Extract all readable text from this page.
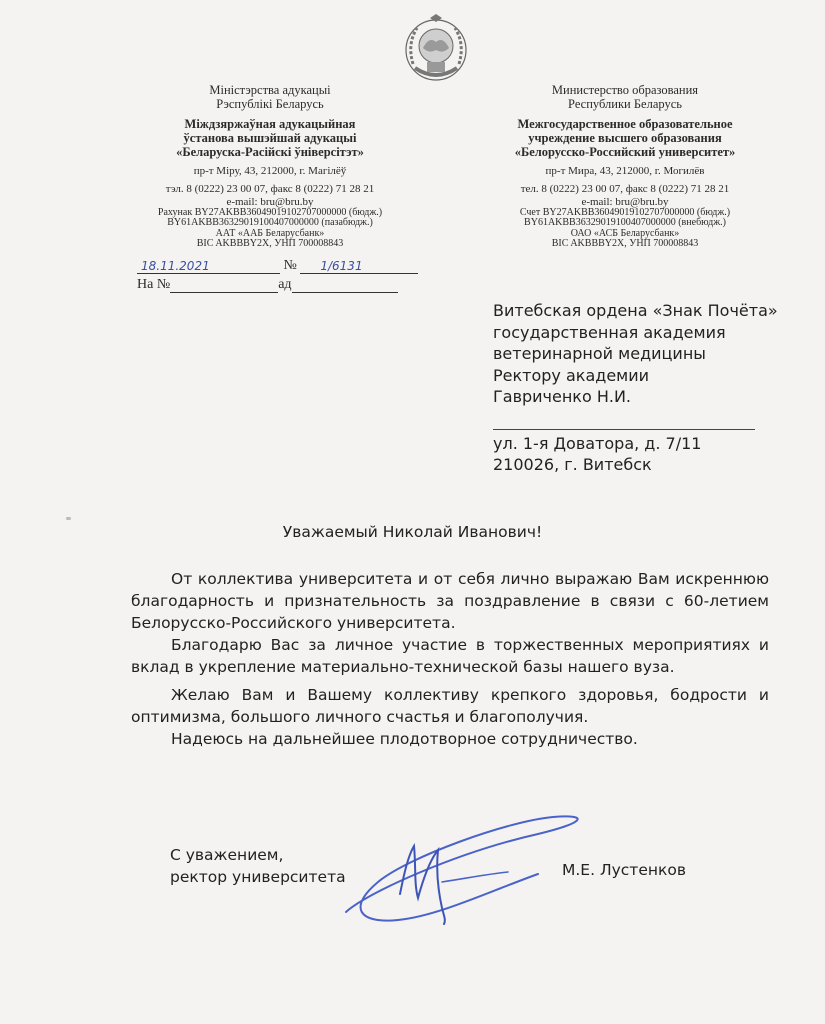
Міністэрства адукацыі
Рэспублікі Беларусь
Міждзяржаўная адукацыйная
ўстанова вышэйшай адукацыі
«Беларуска-Расійскі ўніверсітэт»
пр-т Міру, 43, 212000, г. Магілёў
тэл. 8 (0222) 23 00 07, факс 8 (0222) 71 28 21
e-mail: bru@bru.by
Рахунак BY27AKBB36049019102707000000 (бюдж.)
BY61AKBB36329019100407000000 (пазабюдж.)
ААТ «ААБ Беларусбанк»
BIC AKBBBY2X, УНП 700008843
Министерство образования
Республики Беларусь
Межгосударственное образовательное
учреждение высшего образования
«Белорусско-Российский университет»
пр-т Мира, 43, 212000, г. Могилёв
тел. 8 (0222) 23 00 07, факс 8 (0222) 71 28 21
e-mail: bru@bru.by
Счет BY27AKBB36049019102707000000 (бюдж.)
BY61AKBB36329019100407000000 (внебюдж.)
ОАО «АСБ Беларусбанк»
BIC AKBBBY2X, УНП 700008843
18.11.2021	№ 1/6131
На №	ад
Витебская ордена «Знак Почёта»
государственная академия
ветеринарной медицины
Ректору академии
Гавриченко Н.И.
ул. 1-я Доватора, д. 7/11
210026, г. Витебск
Уважаемый Николай Иванович!
От коллектива университета и от себя лично выражаю Вам искреннюю благодарность и признательность за поздравление в связи с 60-летием Белорусско-Российского университета.
Благодарю Вас за личное участие в торжественных мероприятиях и вклад в укрепление материально-технической базы нашего вуза.
Желаю Вам и Вашему коллективу крепкого здоровья, бодрости и оптимизма, большого личного счастья и благополучия.
Надеюсь на дальнейшее плодотворное сотрудничество.
С уважением,
ректор университета	М.Е. Лустенков
